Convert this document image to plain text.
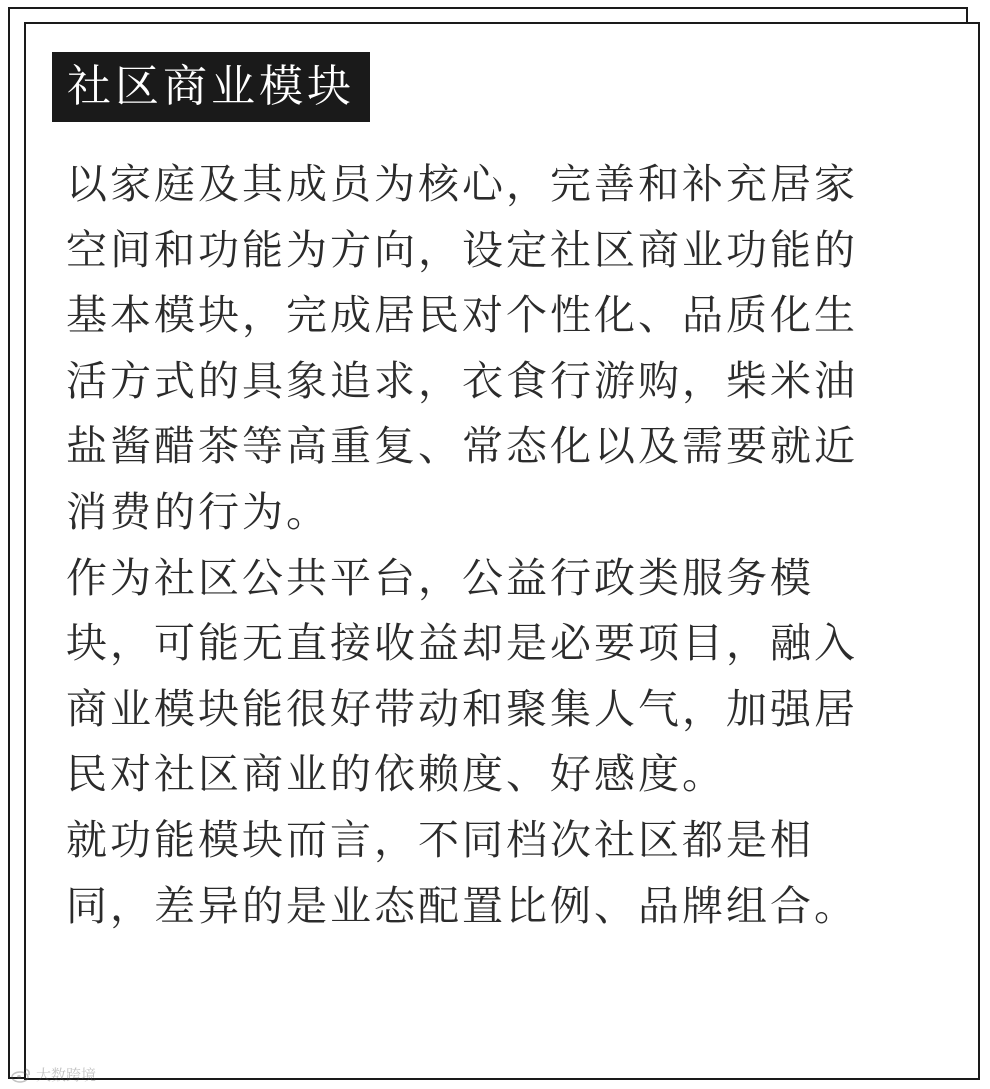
社区商业模块
以家庭及其成员为核心，完善和补充居家
空间和功能为方向，设定社区商业功能的
基本模块，完成居民对个性化、品质化生
活方式的具象追求，衣食行游购，柴米油
盐酱醋茶等高重复、常态化以及需要就近
消费的行为。
作为社区公共平台，公益行政类服务模
块，可能无直接收益却是必要项目，融入
商业模块能很好带动和聚集人气，加强居
民对社区商业的依赖度、好感度。
就功能模块而言，不同档次社区都是相
同，差异的是业态配置比例、品牌组合。
大数跨境
